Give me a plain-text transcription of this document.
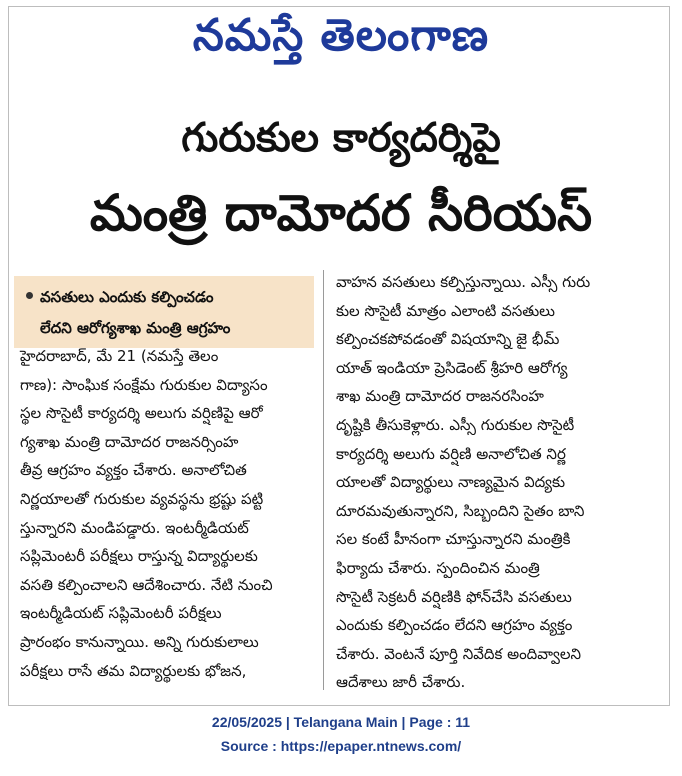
నమస్తే తెలంగాణ
గురుకుల కార్యదర్శిపై
మంత్రి దామోదర సీరియస్

వసతులు ఎందుకు కల్పించడం

లేదని ఆరోగ్యశాఖ మంత్రి ఆగ్రహం

హైదరాబాద్, మే 21 (నమస్తే తెలం

గాణ): సాంఘిక సంక్షేమ గురుకుల విద్యాసం

స్థల సొసైటీ కార్యదర్శి అలుగు వర్షిణిపై ఆరో

గ్యశాఖ మంత్రి దామోదర రాజనర్సింహ

తీవ్ర ఆగ్రహం వ్యక్తం చేశారు. అనాలోచిత

నిర్ణయాలతో గురుకుల వ్యవస్థను భ్రష్టు పట్టి

స్తున్నారని మండిపడ్డారు. ఇంటర్మీడియట్

సప్లిమెంటరీ పరీక్షలు రాస్తున్న విద్యార్థులకు

వసతి కల్పించాలని ఆదేశించారు. నేటి నుంచి

ఇంటర్మీడియట్ సప్లిమెంటరీ పరీక్షలు

ప్రారంభం కానున్నాయి. అన్ని గురుకులాలు

పరీక్షలు రాసే తమ విద్యార్థులకు భోజన,

వాహన వసతులు కల్పిస్తున్నాయి. ఎస్సీ గురు

కుల సొసైటీ మాత్రం ఎలాంటి వసతులు

కల్పించకపోవడంతో విషయాన్ని జై భీమ్

యాత్ ఇండియా ప్రెసిడెంట్ శ్రీహరి ఆరోగ్య

శాఖ మంత్రి దామోదర రాజనరసింహ

దృష్టికి తీసుకెళ్లారు. ఎస్సీ గురుకుల సొసైటీ

కార్యదర్శి అలుగు వర్షిణి అనాలోచిత నిర్ణ

యాలతో విద్యార్థులు నాణ్యమైన విద్యకు

దూరమవుతున్నారని, సిబ్బందిని సైతం బాని

సల కంటే హీనంగా చూస్తున్నారని మంత్రికి

ఫిర్యాదు చేశారు. స్పందించిన మంత్రి

సొసైటీ సెక్రటరీ వర్షిణికి ఫోన్‌చేసి వసతులు

ఎందుకు కల్పించడం లేదని ఆగ్రహం వ్యక్తం

చేశారు. వెంటనే పూర్తి నివేదిక అందివ్వాలని

ఆదేశాలు జారీ చేశారు.

22/05/2025 | Telangana Main | Page : 11
Source : https://epaper.ntnews.com/
